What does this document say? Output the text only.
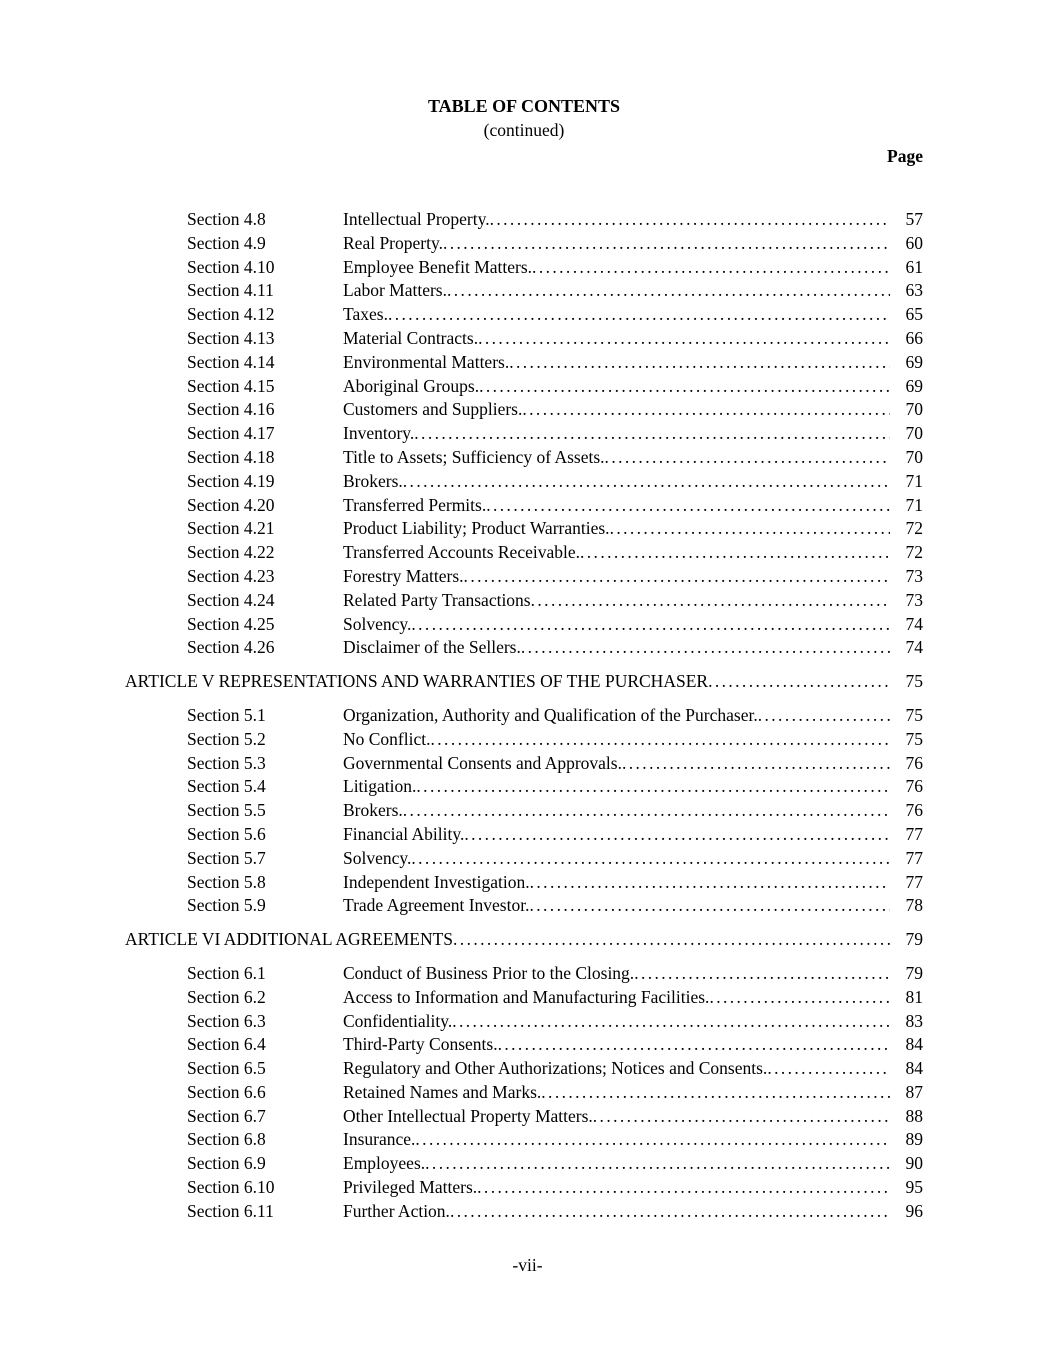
TABLE OF CONTENTS
(continued)
Page
Section 4.8	Intellectual Property. .....	57
Section 4.9	Real Property. .....	60
Section 4.10	Employee Benefit Matters. .....	61
Section 4.11	Labor Matters. .....	63
Section 4.12	Taxes. .....	65
Section 4.13	Material Contracts. .....	66
Section 4.14	Environmental Matters. .....	69
Section 4.15	Aboriginal Groups. .....	69
Section 4.16	Customers and Suppliers. .....	70
Section 4.17	Inventory. .....	70
Section 4.18	Title to Assets; Sufficiency of Assets. .....	70
Section 4.19	Brokers. .....	71
Section 4.20	Transferred Permits. .....	71
Section 4.21	Product Liability; Product Warranties. .....	72
Section 4.22	Transferred Accounts Receivable. .....	72
Section 4.23	Forestry Matters. .....	73
Section 4.24	Related Party Transactions .....	73
Section 4.25	Solvency. .....	74
Section 4.26	Disclaimer of the Sellers. .....	74
ARTICLE V REPRESENTATIONS AND WARRANTIES OF THE PURCHASER .....	75
Section 5.1	Organization, Authority and Qualification of the Purchaser. .....	75
Section 5.2	No Conflict. .....	75
Section 5.3	Governmental Consents and Approvals. .....	76
Section 5.4	Litigation. .....	76
Section 5.5	Brokers. .....	76
Section 5.6	Financial Ability. .....	77
Section 5.7	Solvency. .....	77
Section 5.8	Independent Investigation. .....	77
Section 5.9	Trade Agreement Investor. .....	78
ARTICLE VI ADDITIONAL AGREEMENTS .....	79
Section 6.1	Conduct of Business Prior to the Closing. .....	79
Section 6.2	Access to Information and Manufacturing Facilities. .....	81
Section 6.3	Confidentiality. .....	83
Section 6.4	Third-Party Consents. .....	84
Section 6.5	Regulatory and Other Authorizations; Notices and Consents. .....	84
Section 6.6	Retained Names and Marks. .....	87
Section 6.7	Other Intellectual Property Matters. .....	88
Section 6.8	Insurance. .....	89
Section 6.9	Employees. .....	90
Section 6.10	Privileged Matters. .....	95
Section 6.11	Further Action. .....	96
-vii-
